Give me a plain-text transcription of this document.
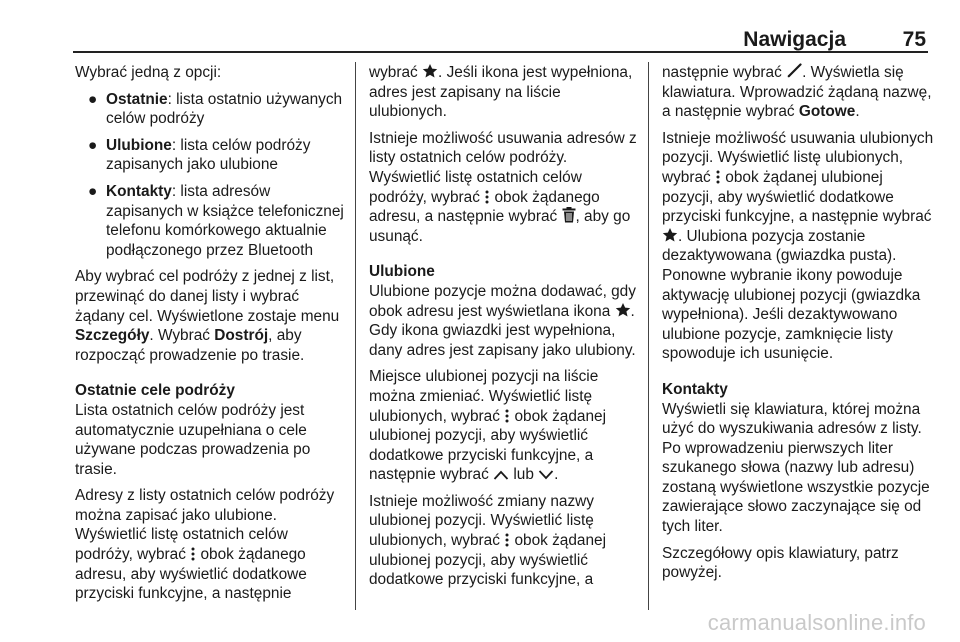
Nawigacja	75

Wybrać jedną z opcji:

● Ostatnie: lista ostatnio używanych celów podróży
● Ulubione: lista celów podróży zapisanych jako ulubione
● Kontakty: lista adresów zapisanych w książce telefonicznej telefonu komórkowego aktualnie podłączonego przez Bluetooth

Aby wybrać cel podróży z jednej z list, przewinąć do danej listy i wybrać żądany cel. Wyświetlone zostaje menu Szczegóły. Wybrać Dostrój, aby rozpocząć prowadzenie po trasie.

Ostatnie cele podróży

Lista ostatnich celów podróży jest automatycznie uzupełniana o cele używane podczas prowadzenia po trasie.

Adresy z listy ostatnich celów podróży można zapisać jako ulubione. Wyświetlić listę ostatnich celów podróży, wybrać  obok żądanego adresu, aby wyświetlić dodatkowe przyciski funkcyjne, a następnie

wybrać . Jeśli ikona jest wypełniona, adres jest zapisany na liście ulubionych.

Istnieje możliwość usuwania adresów z listy ostatnich celów podróży. Wyświetlić listę ostatnich celów podróży, wybrać  obok żądanego adresu, a następnie wybrać , aby go usunąć.

Ulubione

Ulubione pozycje można dodawać, gdy obok adresu jest wyświetlana ikona . Gdy ikona gwiazdki jest wypełniona, dany adres jest zapisany jako ulubiony.

Miejsce ulubionej pozycji na liście można zmieniać. Wyświetlić listę ulubionych, wybrać  obok żądanej ulubionej pozycji, aby wyświetlić dodatkowe przyciski funkcyjne, a następnie wybrać  lub .

Istnieje możliwość zmiany nazwy ulubionej pozycji. Wyświetlić listę ulubionych, wybrać  obok żądanej ulubionej pozycji, aby wyświetlić dodatkowe przyciski funkcyjne, a

następnie wybrać . Wyświetla się klawiatura. Wprowadzić żądaną nazwę, a następnie wybrać Gotowe.

Istnieje możliwość usuwania ulubionych pozycji. Wyświetlić listę ulubionych, wybrać  obok żądanej ulubionej pozycji, aby wyświetlić dodatkowe przyciski funkcyjne, a następnie wybrać . Ulubiona pozycja zostanie dezaktywowana (gwiazdka pusta). Ponowne wybranie ikony powoduje aktywację ulubionej pozycji (gwiazdka wypełniona). Jeśli dezaktywowano ulubione pozycje, zamknięcie listy spowoduje ich usunięcie.

Kontakty

Wyświetli się klawiatura, której można użyć do wyszukiwania adresów z listy. Po wprowadzeniu pierwszych liter szukanego słowa (nazwy lub adresu) zostaną wyświetlone wszystkie pozycje zawierające słowo zaczynające się od tych liter.

Szczegółowy opis klawiatury, patrz powyżej.

carmanualsonline.info
